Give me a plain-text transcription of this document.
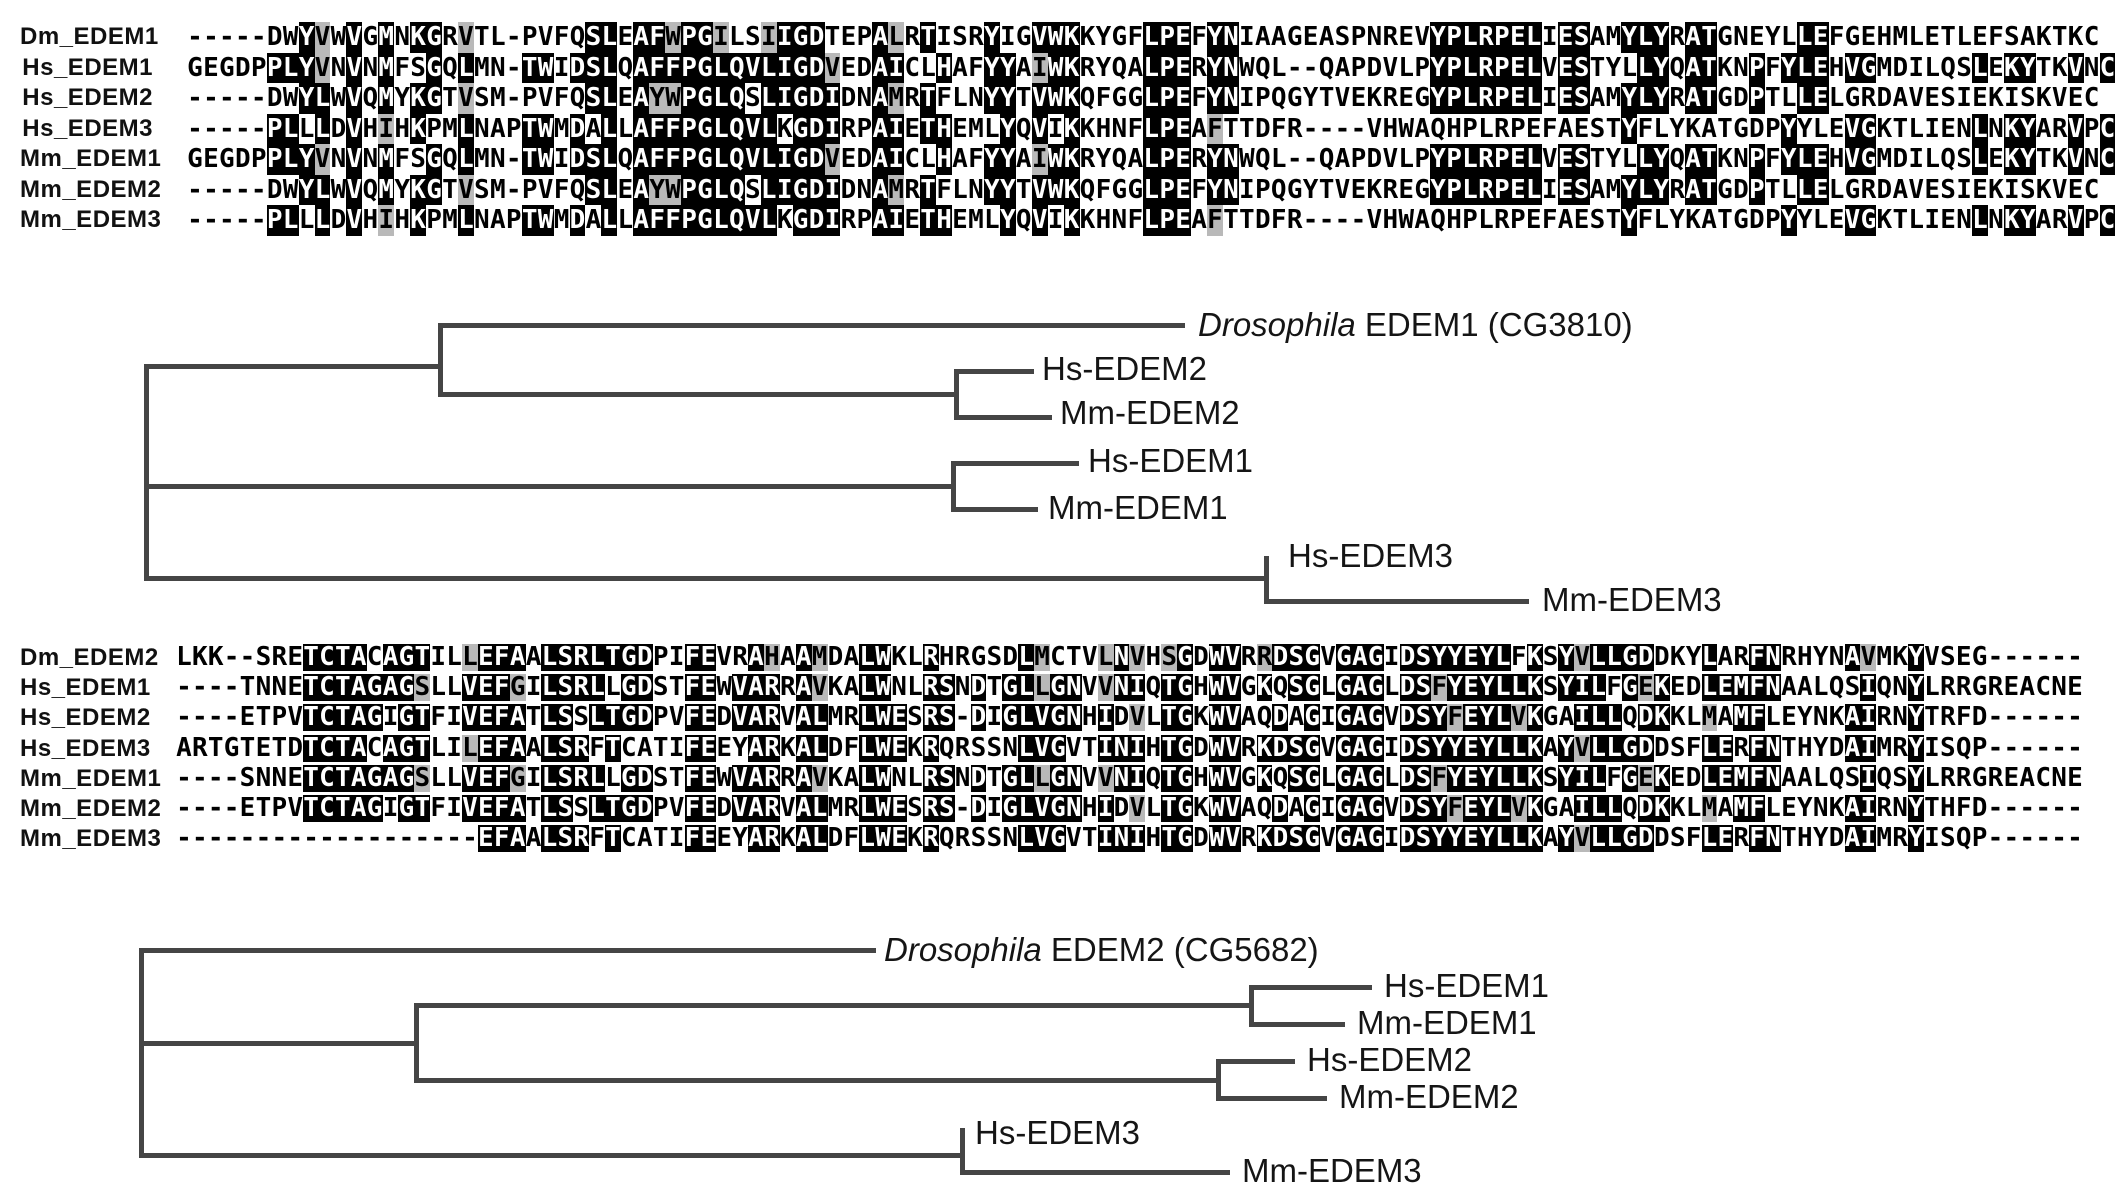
Dm_EDEM1 - - - - - D W Y V W V G M N K G R V T L - P V F Q S L E A F W P G I L S I I G D T E P A L R T I S R Y I G V W K K Y G F L P E F Y N I A A G E A S P N R E V Y P L R P E L I E S A M Y L Y R A T G N E Y L L E F G E H M L E T L E F S A K T K C
Hs_EDEM1 G E G D P P L Y V N V N M F S G Q L M N - T W I D S L Q A F F P G L Q V L I G D V E D A I C L H A F Y Y A I W K R Y Q A L P E R Y N W Q L - - Q A P D V L P Y P L R P E L V E S T Y L L Y Q A T K N P F Y L E H V G M D I L Q S L E K Y T K V N C
Hs_EDEM2 - - - - - D W Y L W V Q M Y K G T V S M - P V F Q S L E A Y W P G L Q S L I G D I D N A M R T F L N Y Y T V W K Q F G G L P E F Y N I P Q G Y T V E K R E G Y P L R P E L I E S A M Y L Y R A T G D P T L L E L G R D A V E S I E K I S K V E C
Hs_EDEM3 - - - - - P L L L D V H I H K P M L N A P T W M D A L L A F F P G L Q V L K G D I R P A I E T H E M L Y Q V I K K H N F L P E A F T T D F R - - - - V H W A Q H P L R P E F A E S T Y F L Y K A T G D P Y Y L E V G K T L I E N L N K Y A R V P C
Mm_EDEM1 G E G D P P L Y V N V N M F S G Q L M N - T W I D S L Q A F F P G L Q V L I G D V E D A I C L H A F Y Y A I W K R Y Q A L P E R Y N W Q L - - Q A P D V L P Y P L R P E L V E S T Y L L Y Q A T K N P F Y L E H V G M D I L Q S L E K Y T K V N C
Mm_EDEM2 - - - - - D W Y L W V Q M Y K G T V S M - P V F Q S L E A Y W P G L Q S L I G D I D N A M R T F L N Y Y T V W K Q F G G L P E F Y N I P Q G Y T V E K R E G Y P L R P E L I E S A M Y L Y R A T G D P T L L E L G R D A V E S I E K I S K V E C
Mm_EDEM3 - - - - - P L L L D V H I H K P M L N A P T W M D A L L A F F P G L Q V L K G D I R P A I E T H E M L Y Q V I K K H N F L P E A F T T D F R - - - - V H W A Q H P L R P E F A E S T Y F L Y K A T G D P Y Y L E V G K T L I E N L N K Y A R V P C
Drosophila EDEM1 (CG3810)
Hs-EDEM2
Mm-EDEM2
Hs-EDEM1
Mm-EDEM1
Hs-EDEM3
Mm-EDEM3
Dm_EDEM2 L K K - - S R E T C T A C A G T I L L E F A A L S R L T G D P I F E V R A H A A M D A L W K L R H R G S D L M C T V L N V H S G D W V R R D S G V G A G I D S Y Y E Y L F K S Y V L L G D D K Y L A R F N R H Y N A V M K Y V S E G - - - - - -
Hs_EDEM1 - - - - T N N E T C T A G A G S L L V E F G I L S R L L G D S T F E W V A R R A V K A L W N L R S N D T G L L G N V V N I Q T G H W V G K Q S G L G A G L D S F Y E Y L L K S Y I L F G E K E D L E M F N A A L Q S I Q N Y L R R G R E A C N E
Hs_EDEM2 - - - - E T P V T C T A G I G T F I V E F A T L S S L T G D P V F E D V A R V A L M R L W E S R S - D I G L V G N H I D V L T G K W V A Q D A G I G A G V D S Y F E Y L V K G A I L L Q D K K L M A M F L E Y N K A I R N Y T R F D - - - - - -
Hs_EDEM3 A R T G T E T D T C T A C A G T L I L E F A A L S R F T C A T I F E E Y A R K A L D F L W E K R Q R S S N L V G V T I N I H T G D W V R K D S G V G A G I D S Y Y E Y L L K A Y V L L G D D S F L E R F N T H Y D A I M R Y I S Q P - - - - - -
Mm_EDEM1 - - - - S N N E T C T A G A G S L L V E F G I L S R L L G D S T F E W V A R R A V K A L W N L R S N D T G L L G N V V N I Q T G H W V G K Q S G L G A G L D S F Y E Y L L K S Y I L F G E K E D L E M F N A A L Q S I Q S Y L R R G R E A C N E
Mm_EDEM2 - - - - E T P V T C T A G I G T F I V E F A T L S S L T G D P V F E D V A R V A L M R L W E S R S - D I G L V G N H I D V L T G K W V A Q D A G I G A G V D S Y F E Y L V K G A I L L Q D K K L M A M F L E Y N K A I R N Y T H F D - - - - - -
Mm_EDEM3 - - - - - - - - - - - - - - - - - - - E F A A L S R F T C A T I F E E Y A R K A L D F L W E K R Q R S S N L V G V T I N I H T G D W V R K D S G V G A G I D S Y Y E Y L L K A Y V L L G D D S F L E R F N T H Y D A I M R Y I S Q P - - - - - -
Drosophila EDEM2 (CG5682)
Hs-EDEM1
Mm-EDEM1
Hs-EDEM2
Mm-EDEM2
Hs-EDEM3
Mm-EDEM3
